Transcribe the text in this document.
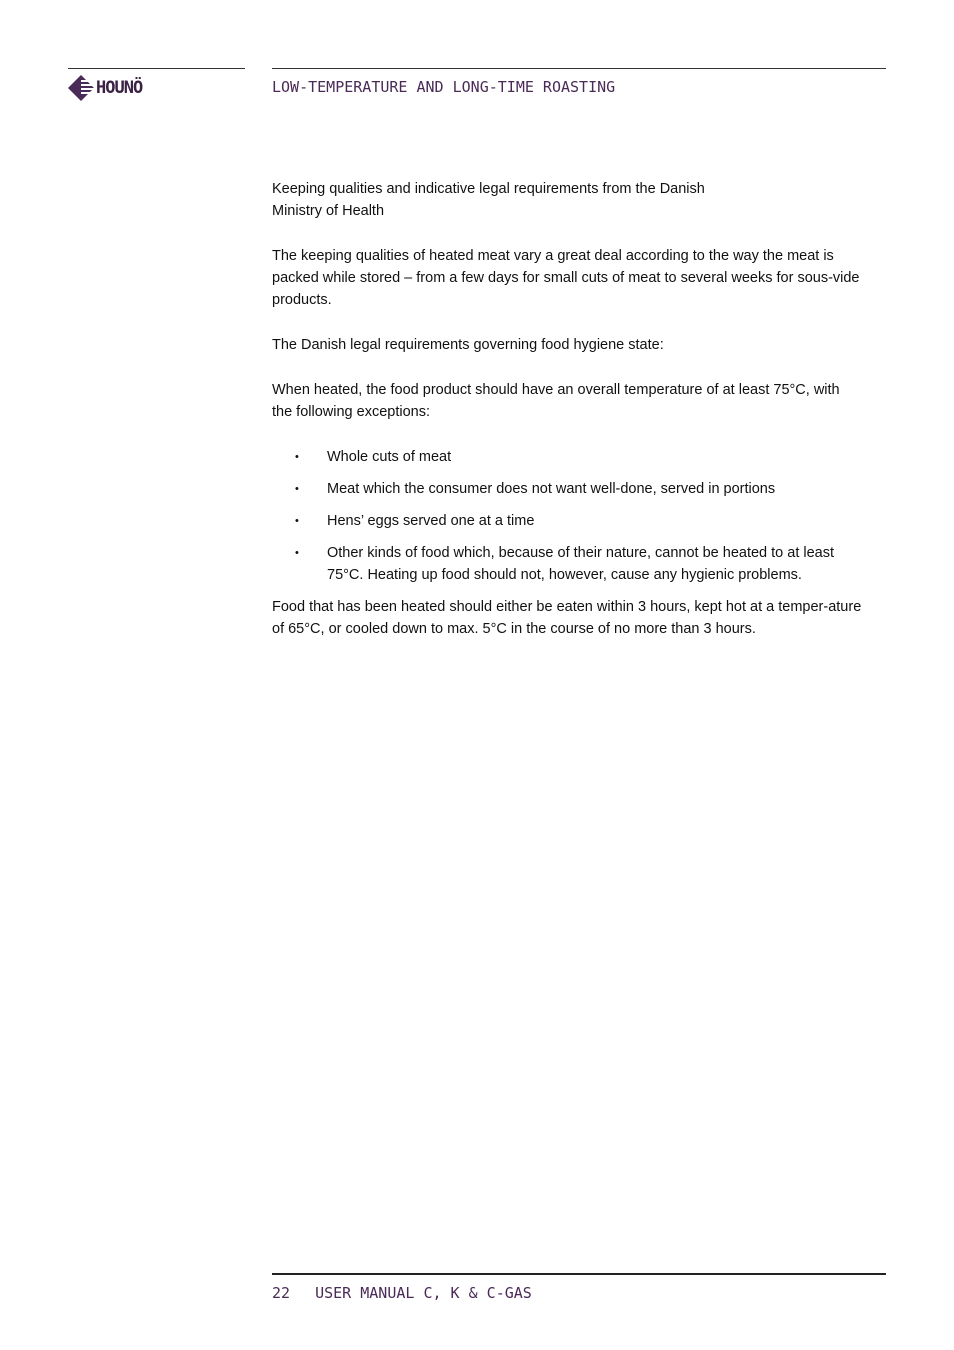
HOUNÖ	LOW-TEMPERATURE AND LONG-TIME ROASTING

Keeping qualities and indicative legal requirements from the Danish
Ministry of Health

The keeping qualities of heated meat vary a great deal according to the way the meat is packed while stored – from a few days for small cuts of meat to several weeks for sous-vide products.

The Danish legal requirements governing food hygiene state:

When heated, the food product should have an overall temperature of at least 75°C, with the following exceptions:

• Whole cuts of meat
• Meat which the consumer does not want well-done, served in portions
• Hens’ eggs served one at a time
• Other kinds of food which, because of their nature, cannot be heated to at least 75°C. Heating up food should not, however, cause any hygienic problems.

Food that has been heated should either be eaten within 3 hours, kept hot at a temper-ature of 65°C, or cooled down to max. 5°C in the course of no more than 3 hours.

22 USER MANUAL C, K & C-GAS
